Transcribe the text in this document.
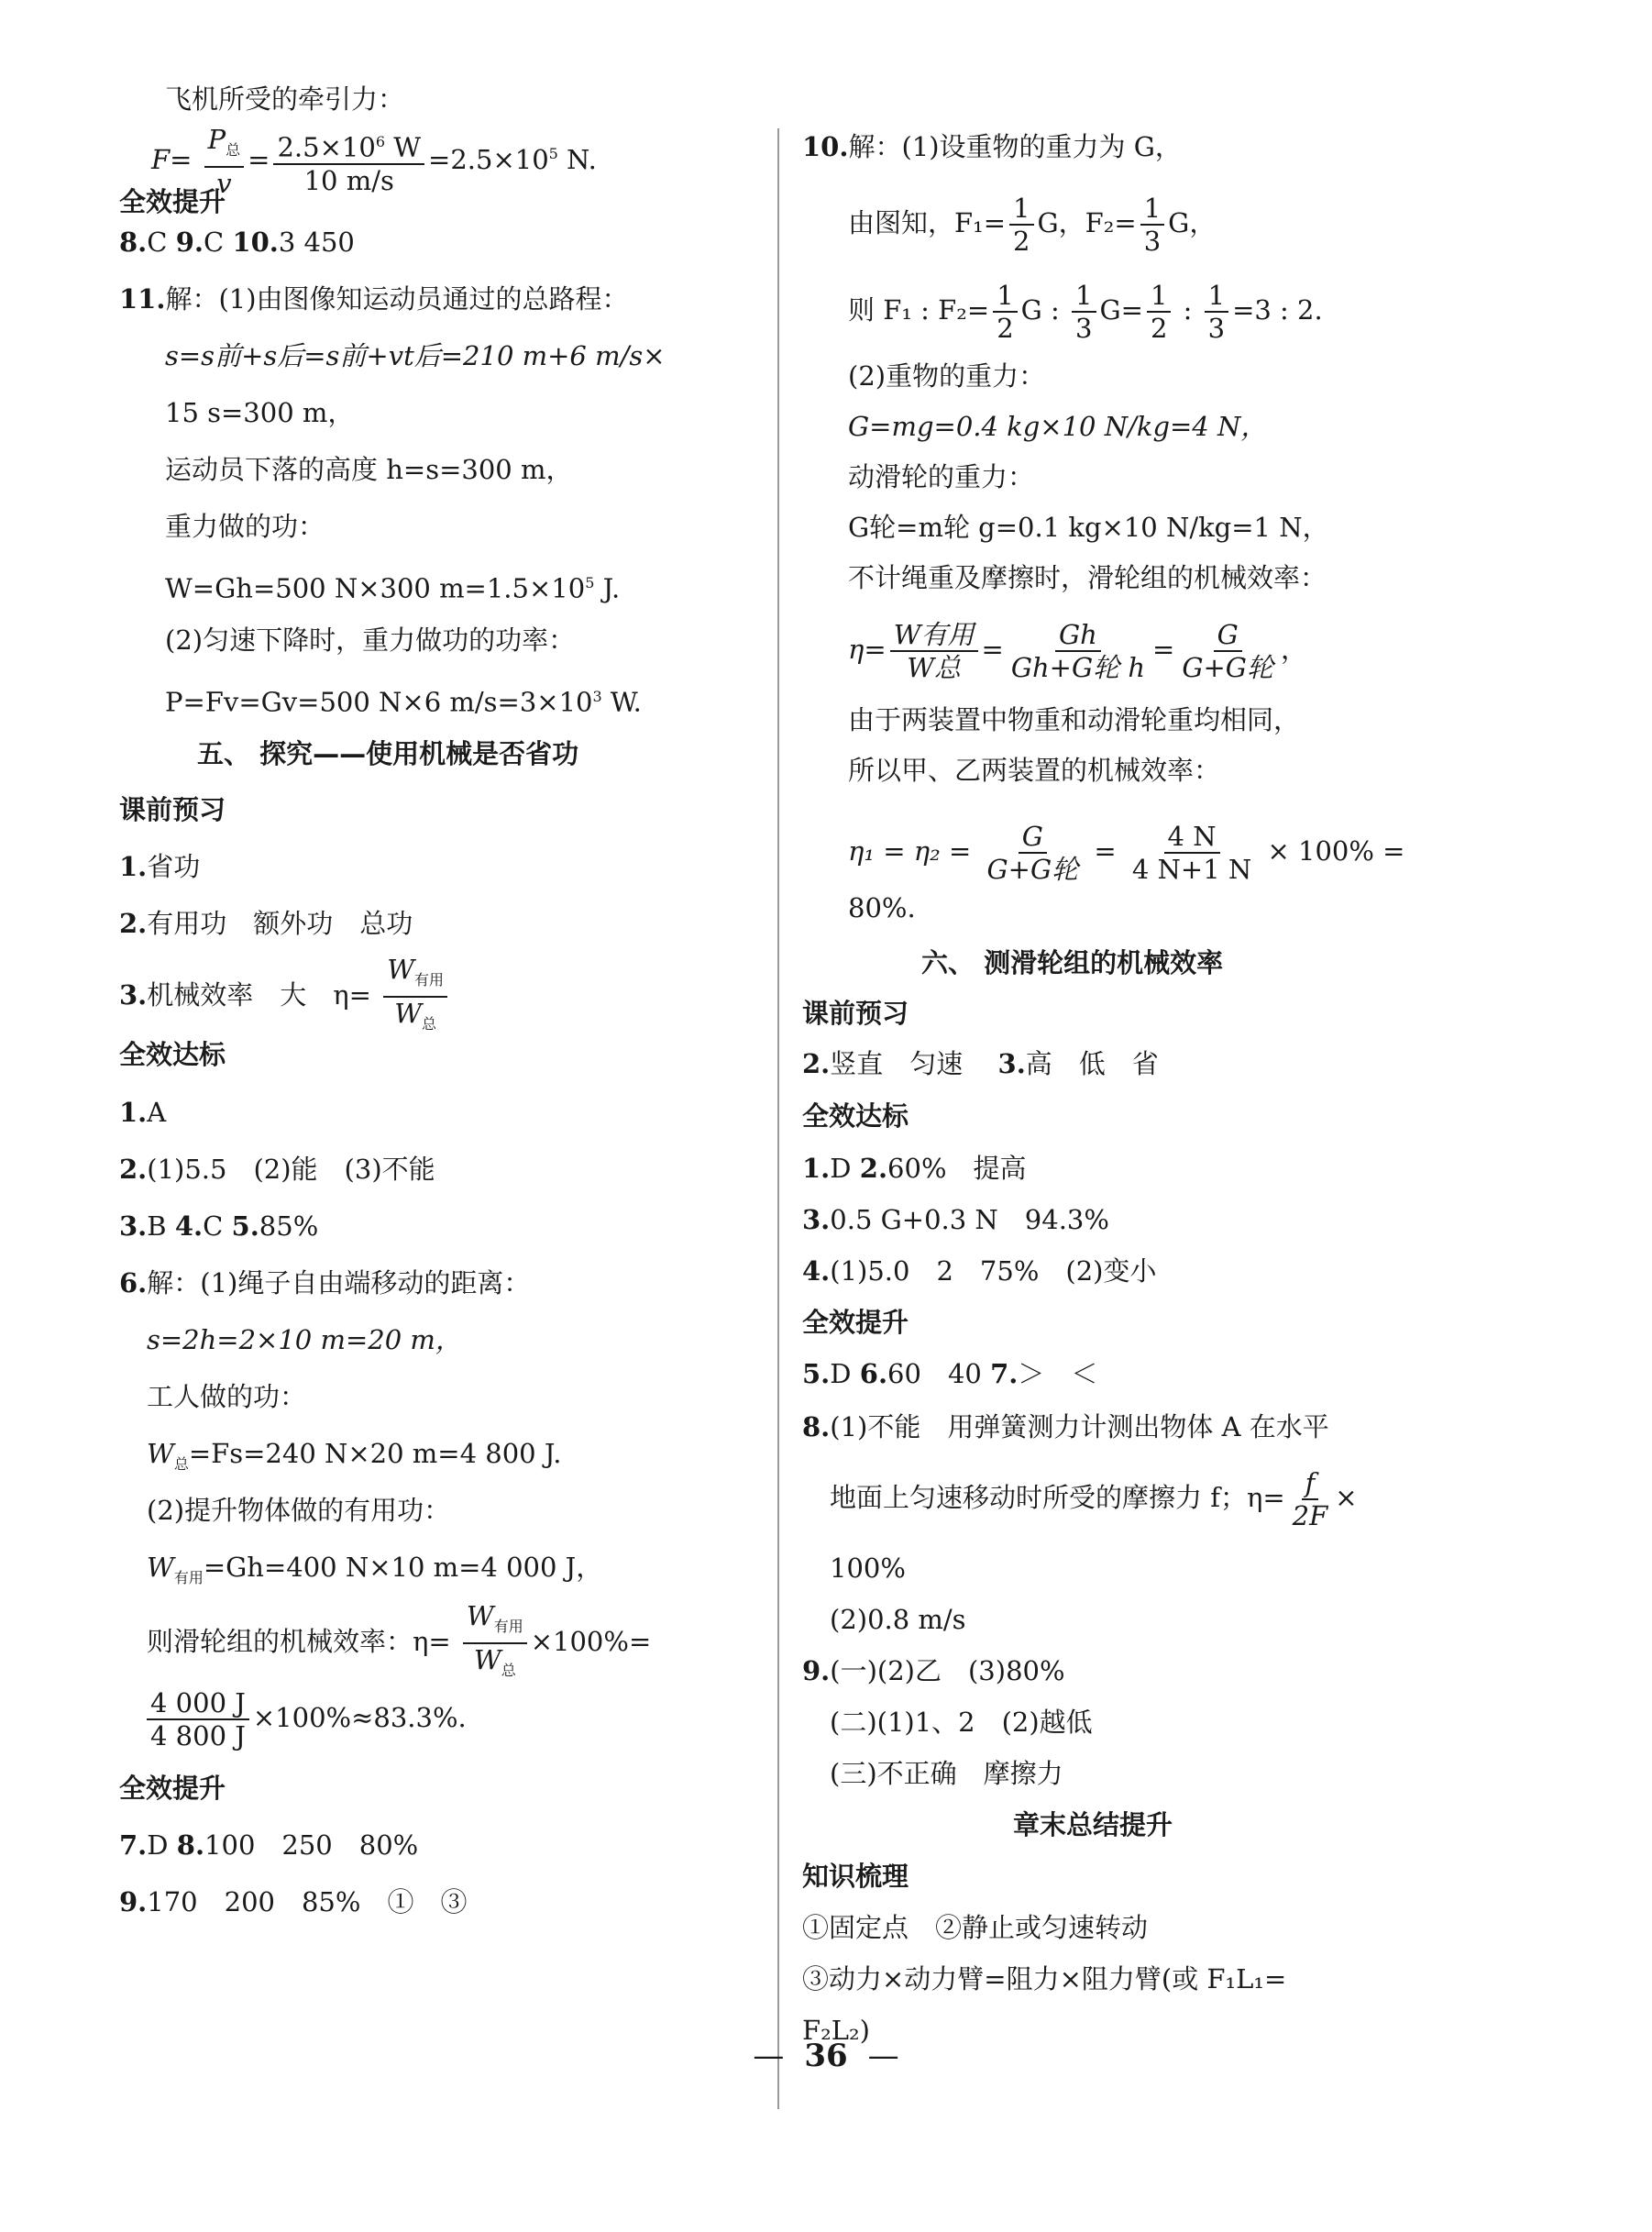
飞机所受的牵引力：
$F= \frac{P_总}{v} = \frac{2.5\times 10^6 W}{10 m/s} =2.5\times 10^5$ N.
全效提升
8.C 9.C 10.3 450
11.解：(1)由图像知运动员通过的总路程：
s=s前+s后=s前+vt后=210 m+6 m/s×
15 s=300 m，
运动员下落的高度 h=s=300 m，
重力做的功：
W=Gh=500 N×300 $m=1.5\times 10^5$ J.
(2)匀速下降时，重力做功的功率：
P=Fv=Gv=500 N×6 $m/s=3\times 10^3$ W.
五、 探究——使用机械是否省功
课前预习
1.省功
2.有用功　额外功　总功
3.机械效率　大　$\eta= \frac{W_{有用}}{W_总}$
全效达标
1.A
2.(1)5.5　(2)能　(3)不能
3.B 4.C 5.85%
6.解：(1)绳子自由端移动的距离：
s=2h=2×10 m=20 m，
工人做的功：
$W_总=Fs=240$ N×20 m=4 800 J.
(2)提升物体做的有用功：
$W_{有用}=Gh=400$ N×10 m=4 000 J，
则滑轮组的机械效率：$\eta= \frac{W_{有用}}{W_总} \times 100\%=$
$\frac{4 000 J}{4 800 J} \times 100\%\approx 83.3\%$.
全效提升
7.D 8.100　250　80%
9.170　200　85%　①　③
10.解：(1)设重物的重力为 G，
由图知，$F_1= \frac{1}{2}$ G，$F_2= \frac{1}{3}$ G，
则 F₁ : $F_2= \frac{1}{2}$ G : $\frac{1}{3} G= \frac{1}{2}$ : $\frac{1}{3} =3$ : 2.
(2)重物的重力：
G=mg=0.4 kg×10 N/kg=4 N，
动滑轮的重力：
G轮=m轮 g=0.1 kg×10 N/kg=1 N，
不计绳重及摩擦时，滑轮组的机械效率：
$\eta= \frac{\text{W有用}}{\text{W总}} = \frac{Gh}{\text{Gh+G轮 h}} = \frac{G}{\text{G+G轮}}$ ，
由于两装置中物重和动滑轮重均相同，
所以甲、乙两装置的机械效率：
$\eta_1 = \eta_2 = \frac{G}{\text{G+G轮}} = \frac{4 N}{4 N+1 N} \times 100\%$ =
80%.
六、 测滑轮组的机械效率
课前预习
2.竖直　匀速　 3.高　低　省
全效达标
1.D 2.60%　提高
3.0.5 G+0.3 N　94.3%
4.(1)5.0　2　75%　(2)变小
全效提升
5.D 6.60　40 7.＞　＜
8.(1)不能　用弹簧测力计测出物体 A 在水平
地面上匀速移动时所受的摩擦力 f；$\eta= \frac{f}{2F}$ ×
100%
(2)0.8 m/s
9.(一)(2)乙　(3)80%
(二)(1)1、2　(2)越低
(三)不正确　摩擦力
章末总结提升
知识梳理
①固定点　②静止或匀速转动
③动力×动力臂=阻力×阻力臂(或 F₁L₁=
F₂L₂)
— 36 —
